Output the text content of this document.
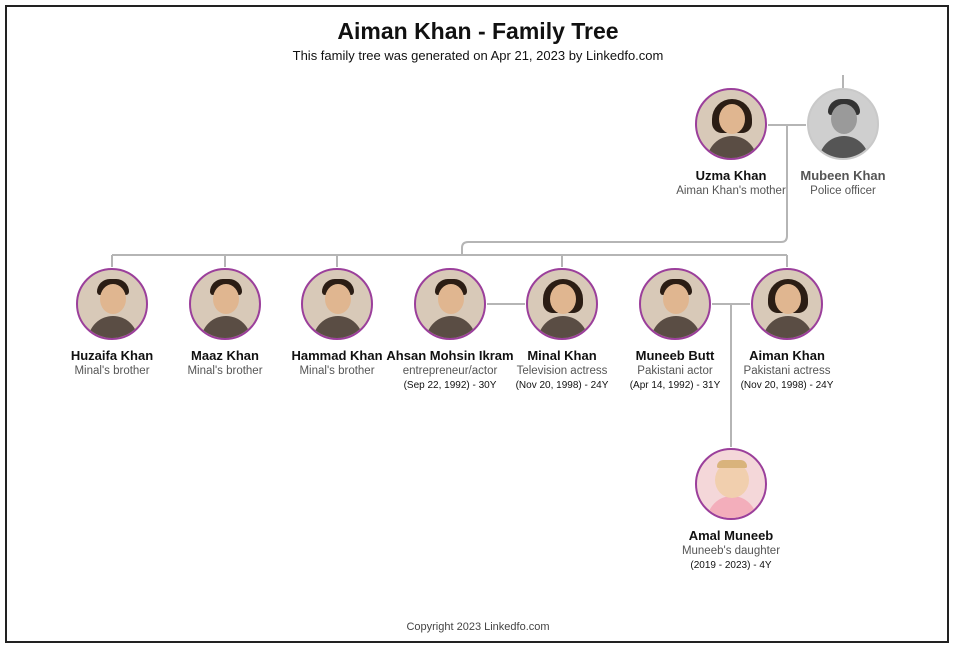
Aiman Khan - Family Tree
This family tree was generated on Apr 21, 2023 by Linkedfo.com
Uzma Khan
Aiman Khan's mother
Mubeen Khan
Police officer
Huzaifa Khan
Minal's brother
Maaz Khan
Minal's brother
Hammad Khan
Minal's brother
Ahsan Mohsin Ikram
entrepreneur/actor
(Sep 22, 1992) - 30Y
Minal Khan
Television actress
(Nov 20, 1998) - 24Y
Muneeb Butt
Pakistani actor
(Apr 14, 1992) - 31Y
Aiman Khan
Pakistani actress
(Nov 20, 1998) - 24Y
Amal Muneeb
Muneeb's daughter
(2019 - 2023) - 4Y
Copyright 2023 Linkedfo.com
